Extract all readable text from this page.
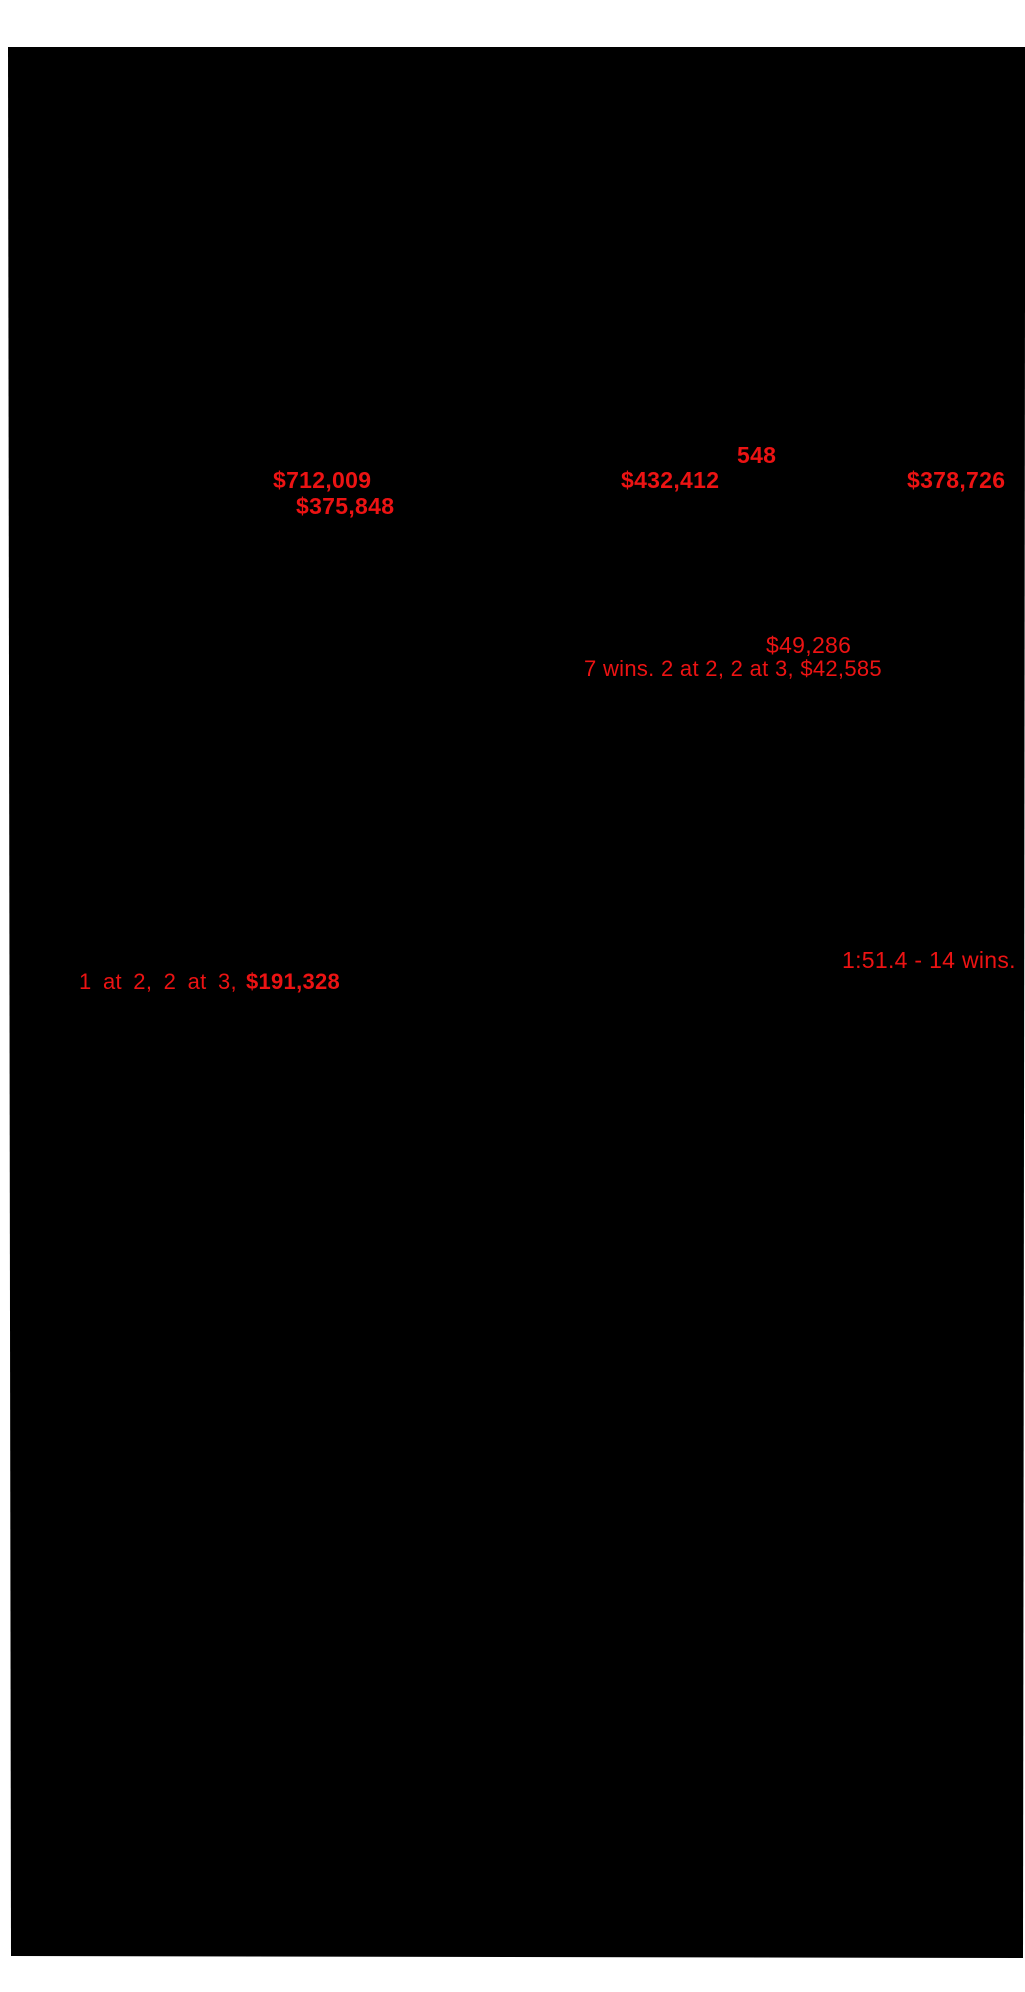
548
$712,009	$432,412	$378,726
$375,848
$49,286
7 wins. 2 at 2, 2 at 3, $42,585
1:51.4 - 14 wins.
1 at 2, 2 at 3, $191,328
